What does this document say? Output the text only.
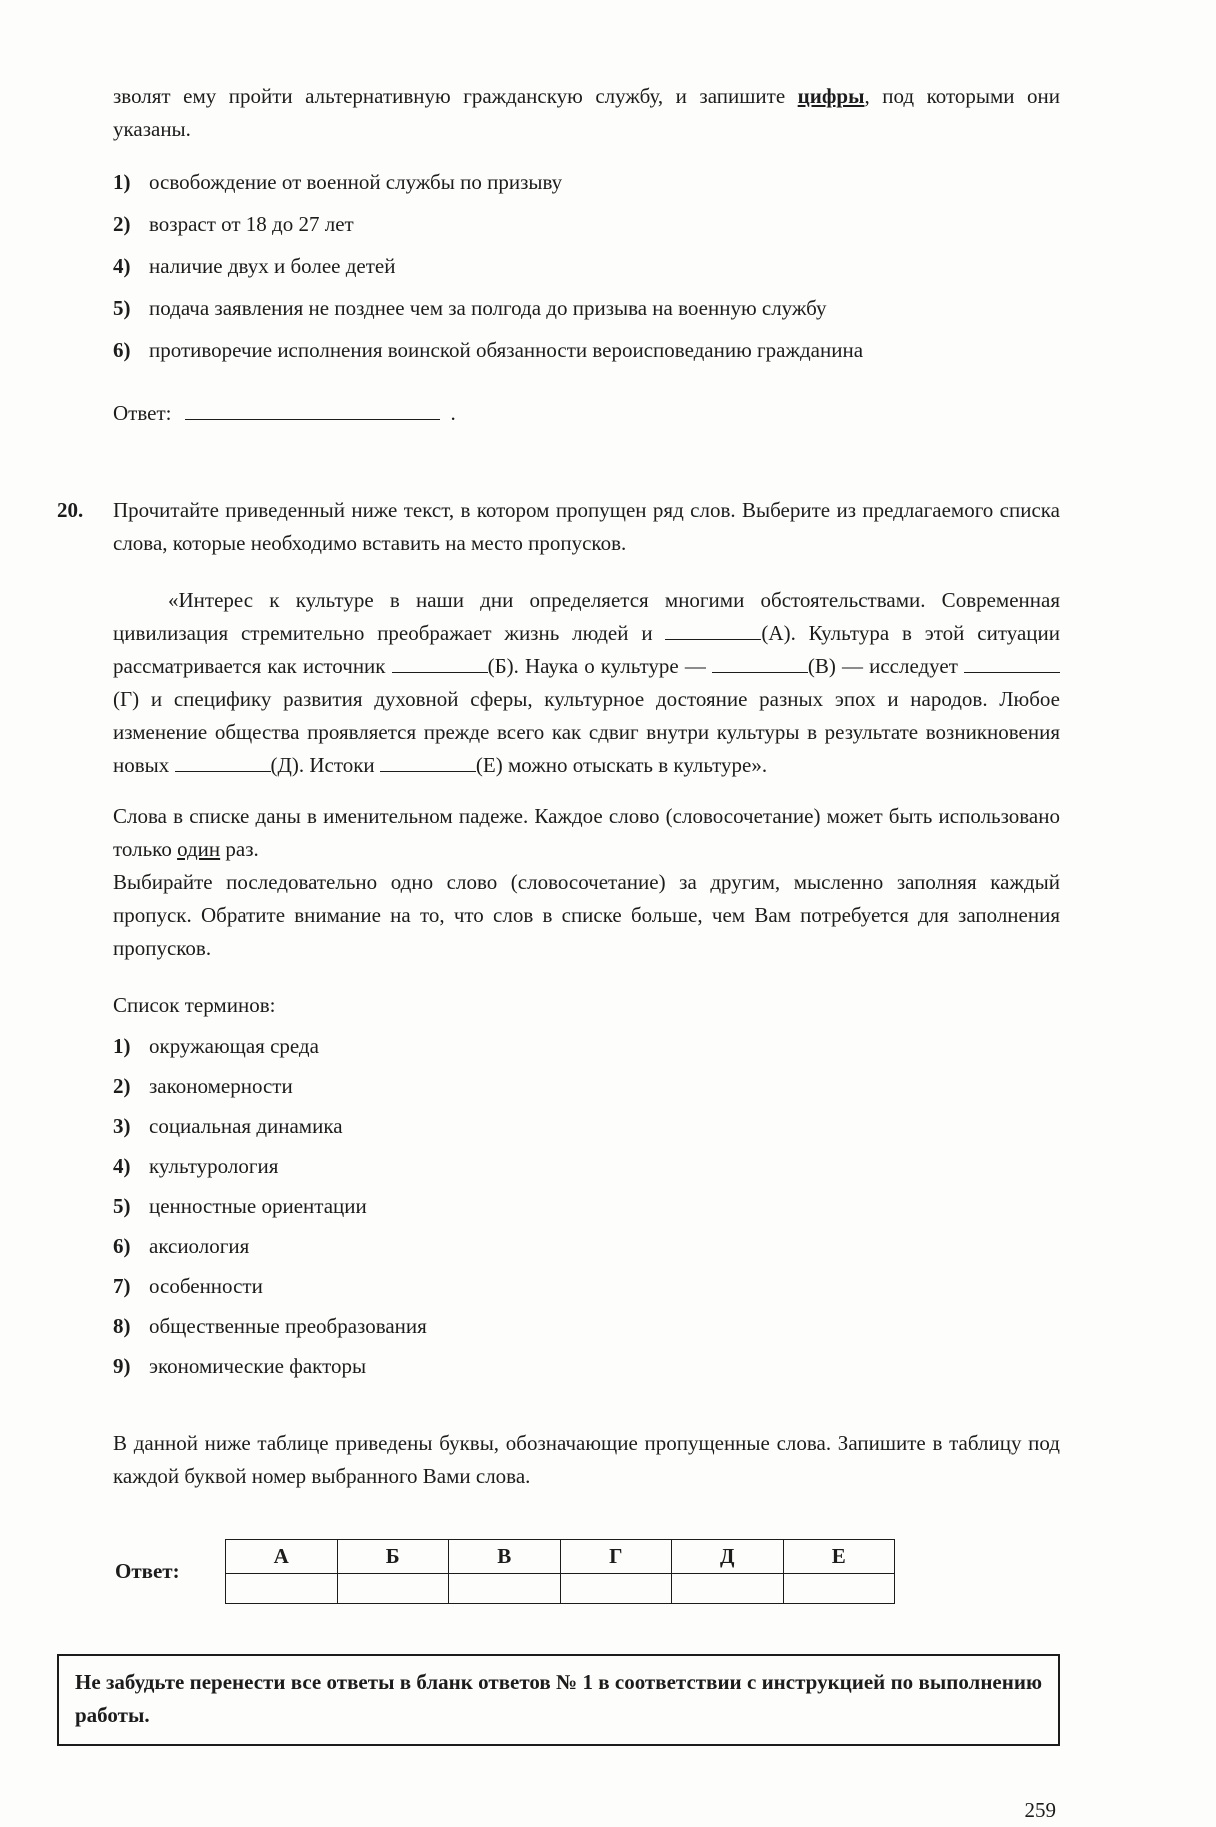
зволят ему пройти альтернативную гражданскую службу, и запишите цифры, под которыми они указаны.

1) освобождение от военной службы по призыву
2) возраст от 18 до 27 лет
4) наличие двух и более детей
5) подача заявления не позднее чем за полгода до призыва на военную службу
6) противоречие исполнения воинской обязанности вероисповеданию гражданина
Ответ:	.
20. Прочитайте приведенный ниже текст, в котором пропущен ряд слов. Выберите из предлагаемого списка слова, которые необходимо вставить на место пропусков.

«Интерес к культуре в наши дни определяется многими обстоятельствами. Современная цивилизация стремительно преображает жизнь людей и	(А). Культура в этой ситуации рассматривается как источник	(Б). Наука о культуре —	(В) — исследует (Г) и специфику развития духовной сферы, культурное достояние разных эпох и народов. Любое изменение общества проявляется прежде всего как сдвиг внутри культуры в результате возникновения новых	(Д). Истоки	(Е) можно отыскать в культуре».

Слова в списке даны в именительном падеже. Каждое слово (словосочетание) может быть использовано только один раз.

Выбирайте последовательно одно слово (словосочетание) за другим, мысленно заполняя каждый пропуск. Обратите внимание на то, что слов в списке больше, чем Вам потребуется для заполнения пропусков.

Список терминов:

1) окружающая среда
2) закономерности
3) социальная динамика
4) культурология
5) ценностные ориентации
6) аксиология
7) особенности
8) общественные преобразования
9) экономические факторы

В данной ниже таблице приведены буквы, обозначающие пропущенные слова. Запишите в таблицу под каждой буквой номер выбранного Вами слова.

Ответ:
А	Б	В	Г	Д	Е

Не забудьте перенести все ответы в бланк ответов № 1 в соответствии с инструкцией по выполнению работы.
259
